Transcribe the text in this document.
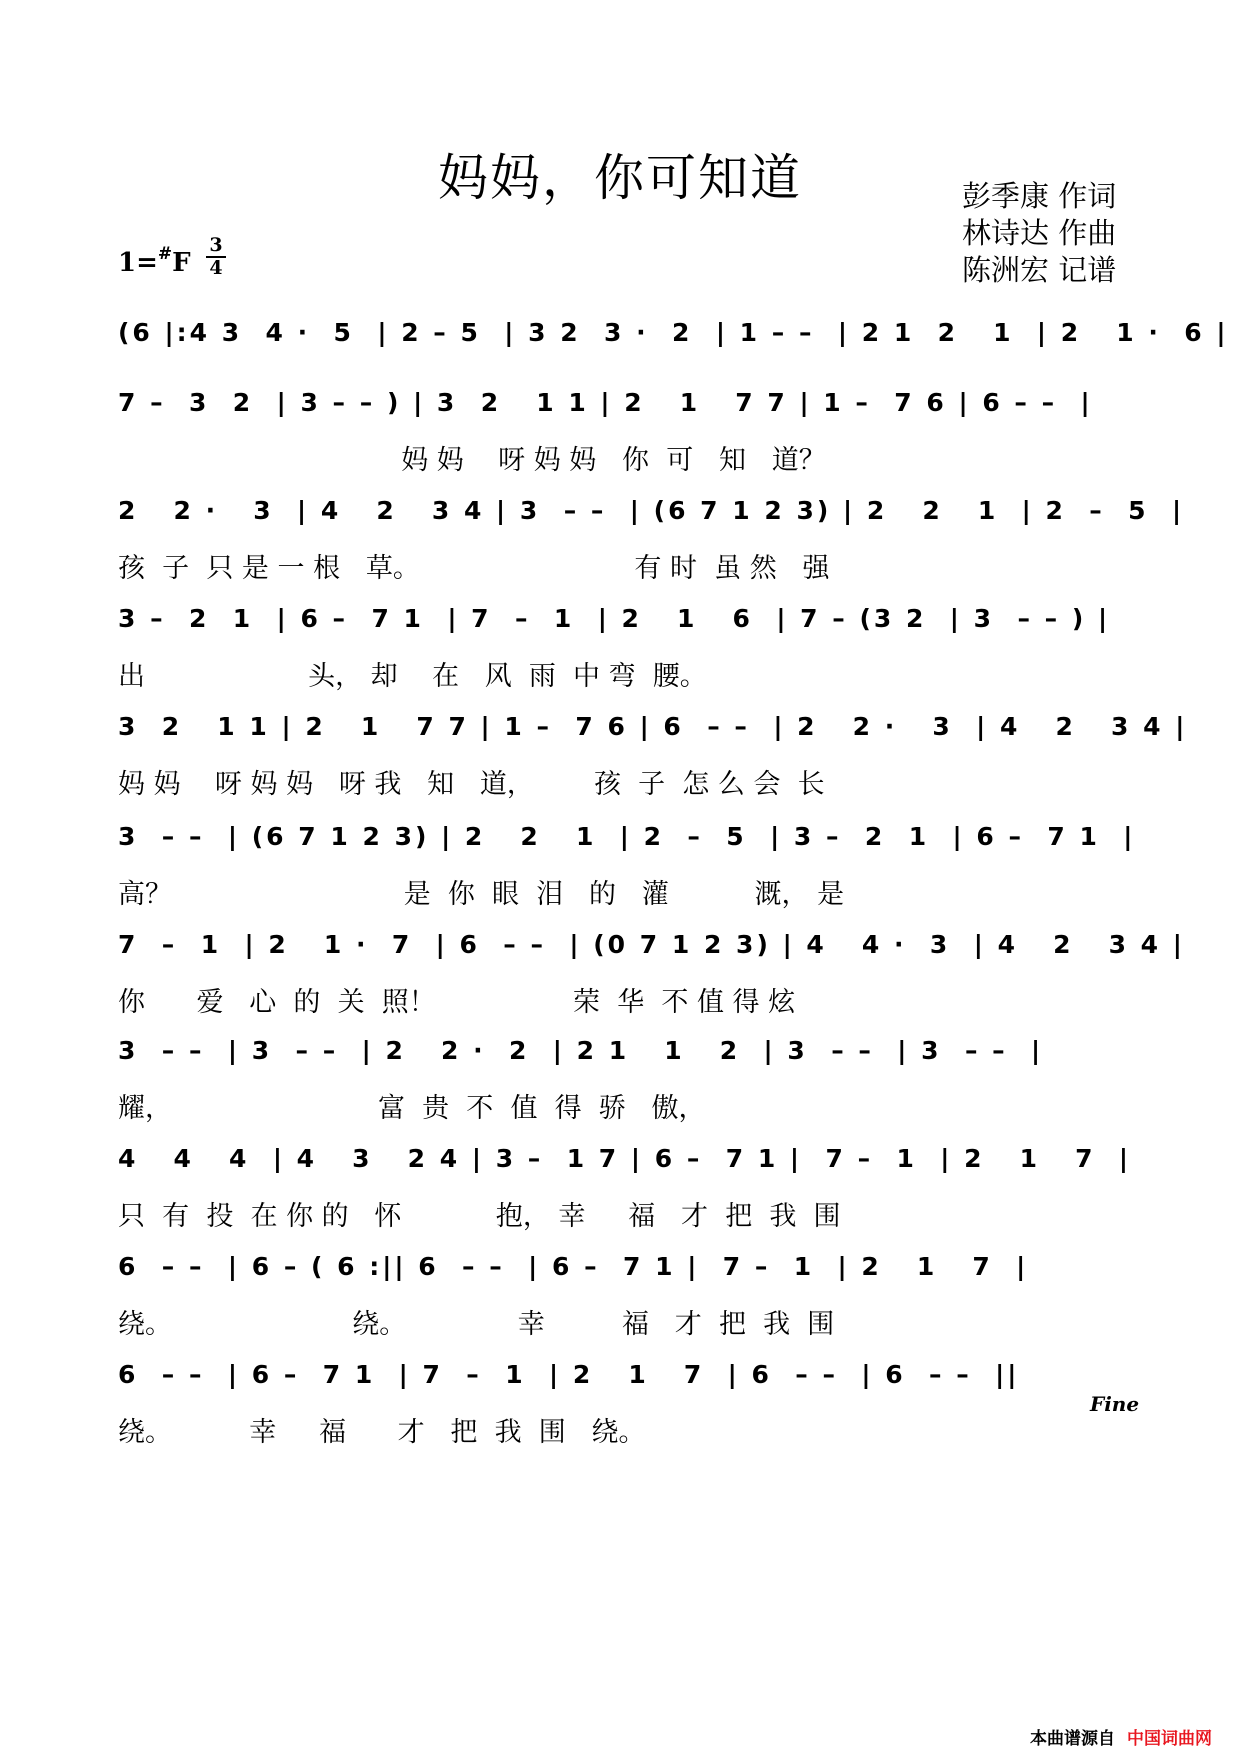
妈妈，你可知道	彭季康 作词
林诗达 作曲
陈洲宏 记谱
1=#F
3
4
(6 |:4 3  4 ·  5  | 2 – 5  | 3 2  3 ·  2  | 1 – –  | 2 1  2   1  | 2   1 ·  6 |
7 –  3  2  | 3 – – ) | 3  2   1 1 | 2   1   7 7 | 1 –  7 6 | 6 – –  |
妈 妈    呀 妈 妈   你  可   知   道？
2   2 ·   3  | 4   2   3 4 | 3  – –  | (6 7 1 2 3) | 2   2   1  | 2  –  5  |
孩  子  只 是 一 根   草。                         有 时  虽 然   强
3 –  2  1  | 6 –  7 1  | 7  –  1  | 2   1   6  | 7 – (3 2  | 3  – – ) |
出                   头， 却    在   风  雨  中 弯  腰。
3  2   1 1 | 2   1   7 7 | 1 –  7 6 | 6  – –  | 2   2 ·   3  | 4   2   3 4 |
妈 妈    呀 妈 妈   呀 我   知   道，       孩  子  怎 么 会  长
3  – –  | (6 7 1 2 3) | 2   2   1  | 2  –  5  | 3 –  2  1  | 6 –  7 1  |
高？                           是  你  眼  泪   的   灌          溉， 是
7  –  1  | 2   1 ·  7  | 6  – –  | (0 7 1 2 3) | 4   4 ·  3  | 4   2   3 4 |
你      爱   心  的  关  照！                荣  华  不 值 得 炫
3  – –  | 3  – –  | 2   2 ·  2  | 2 1   1   2  | 3  – –  | 3  – –  |
耀，                        富  贵  不  值  得  骄   傲，
4   4   4  | 4   3   2 4 | 3 –  1 7 | 6 –  7 1 |  7 –  1  | 2   1   7  |
只  有  投  在 你 的   怀           抱， 幸     福   才  把  我  围
6  – –  | 6 – ( 6 :|| 6  – –  | 6 –  7 1 |  7 –  1  | 2   1   7  |
绕。                     绕。             幸         福   才  把  我  围
6  – –  | 6 –  7 1  | 7  –  1  | 2   1   7  | 6  – –  | 6  – –  ||
绕。         幸     福      才   把  我  围   绕。
Fine
本曲谱源自 中国词曲网
